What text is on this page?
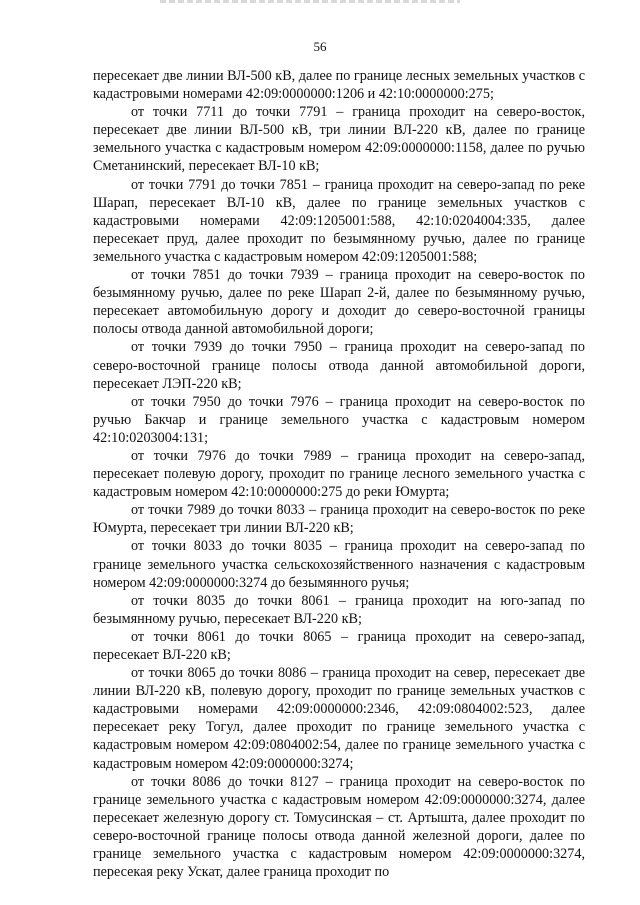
56

пересекает две линии ВЛ-500 кВ, далее по границе лесных земельных участков с кадастровыми номерами 42:09:0000000:1206 и 42:10:0000000:275;

от точки 7711 до точки 7791 – граница проходит на северо-восток, пересекает две линии ВЛ-500 кВ, три линии ВЛ-220 кВ, далее по границе земельного участка с кадастровым номером 42:09:0000000:1158, далее по ручью Сметанинский, пересекает ВЛ-10 кВ;

от точки 7791 до точки 7851 – граница проходит на северо-запад по реке Шарап, пересекает ВЛ-10 кВ, далее по границе земельных участков с кадастровыми номерами 42:09:1205001:588, 42:10:0204004:335, далее пересекает пруд, далее проходит по безымянному ручью, далее по границе земельного участка с кадастровым номером 42:09:1205001:588;

от точки 7851 до точки 7939 – граница проходит на северо-восток по безымянному ручью, далее по реке Шарап 2-й, далее по безымянному ручью, пересекает автомобильную дорогу и доходит до северо-восточной границы полосы отвода данной автомобильной дороги;

от точки 7939 до точки 7950 – граница проходит на северо-запад по северо-восточной границе полосы отвода данной автомобильной дороги, пересекает ЛЭП-220 кВ;

от точки 7950 до точки 7976 – граница проходит на северо-восток по ручью Бакчар и границе земельного участка с кадастровым номером 42:10:0203004:131;

от точки 7976 до точки 7989 – граница проходит на северо-запад, пересекает полевую дорогу, проходит по границе лесного земельного участка с кадастровым номером 42:10:0000000:275 до реки Юмурта;

от точки 7989 до точки 8033 – граница проходит на северо-восток по реке Юмурта, пересекает три линии ВЛ-220 кВ;

от точки 8033 до точки 8035 – граница проходит на северо-запад по границе земельного участка сельскохозяйственного назначения с кадастровым номером 42:09:0000000:3274 до безымянного ручья;

от точки 8035 до точки 8061 – граница проходит на юго-запад по безымянному ручью, пересекает ВЛ-220 кВ;

от точки 8061 до точки 8065 – граница проходит на северо-запад, пересекает ВЛ-220 кВ;

от точки 8065 до точки 8086 – граница проходит на север, пересекает две линии ВЛ-220 кВ, полевую дорогу, проходит по границе земельных участков с кадастровыми номерами 42:09:0000000:2346, 42:09:0804002:523, далее пересекает реку Тогул, далее проходит по границе земельного участка с кадастровым номером 42:09:0804002:54, далее по границе земельного участка с кадастровым номером 42:09:0000000:3274;

от точки 8086 до точки 8127 – граница проходит на северо-восток по границе земельного участка с кадастровым номером 42:09:0000000:3274, далее пересекает железную дорогу ст. Томусинская – ст. Артышта, далее проходит по северо-восточной границе полосы отвода данной железной дороги, далее по границе земельного участка с кадастровым номером 42:09:0000000:3274, пересекая реку Ускат, далее граница проходит по
